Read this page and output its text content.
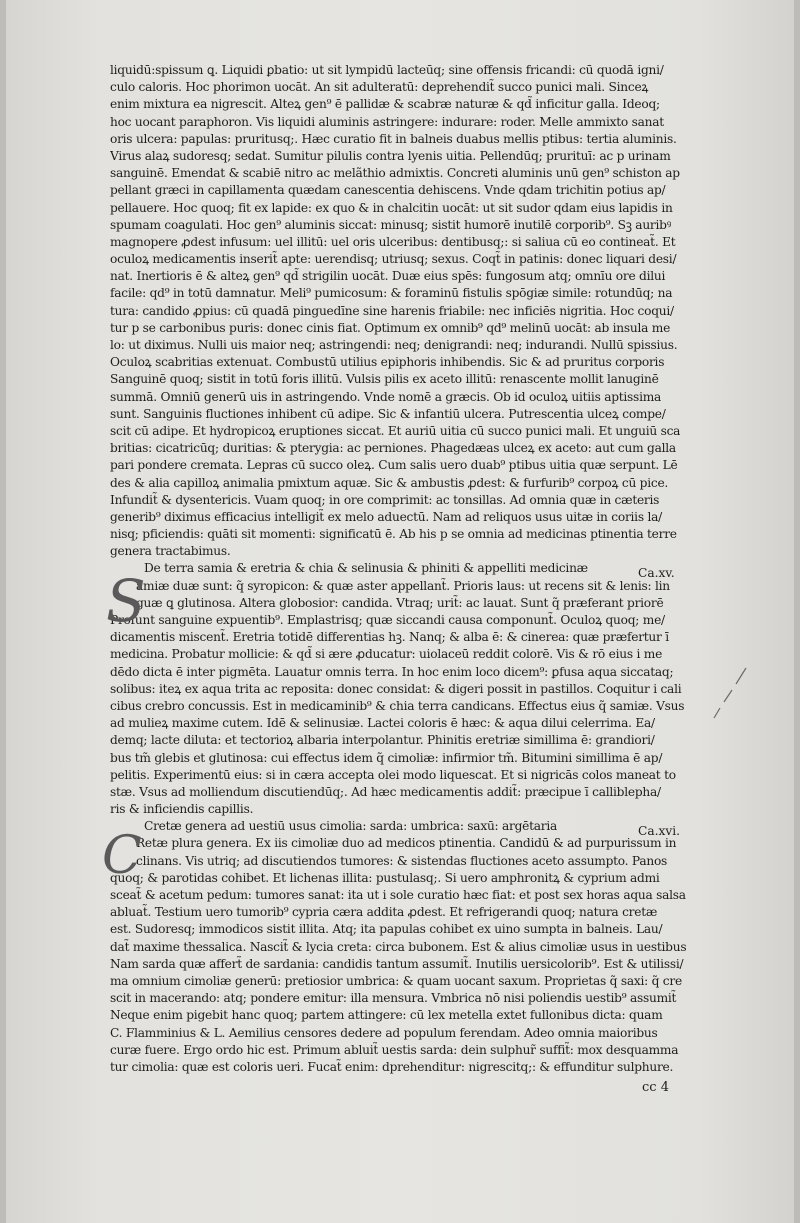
liquidū:spissum ꝗ. Liquidi ꝑbatio: ut sit lympidū lacteūq; sine offensis fricandi: cū quodā igni/
culo caloris. Hoc phorimon uocāt. An sit adulteratū: deprehendit̃ succo punici mali. Sinceꝝ
enim mixtura ea nigrescit. Alteꝝ gen⁹ ē pallidæ & scabræ naturæ & qd̃ inficitur galla. Ideoq;
hoc uocant paraphoron. Vis liquidi aluminis astringere: indurare: roder. Melle ammixto sanat
oris ulcera: papulas: pruritusq;. Hæc curatio fit in balneis duabus mellis ptibus: tertia aluminis.
Virus alaꝝ sudoresq; sedat. Sumitur pilulis contra lyenis uitia. Pellendūq; prurituī: ac p urinam
sanguinē. Emendat & scabiē nitro ac melãthio admixtis. Concreti aluminis unū gen⁹ schiston ap
pellant græci in capillamenta quædam canescentia dehiscens. Vnde qdam trichitin potius ap/
pellauere. Hoc quoq; fit ex lapide: ex quo & in chalcitin uocāt: ut sit sudor qdam eius lapidis in
spumam coagulati. Hoc gen⁹ aluminis siccat: minusq; sistit humorē inutilē corporib⁹. Sꝫ auribꝰ
magnopere ꝓdest infusum: uel illitū: uel oris ulceribus: dentibusq;: si saliua cū eo contineat̃. Et
oculoꝝ medicamentis inserit̃ apte: uerendisq; utriusq; sexus. Coqt̃ in patinis: donec liquari desi/
nat. Inertioris ē & alteꝝ gen⁹ qd̃ strigilin uocāt. Duæ eius spēs: fungosum atq; omnīu ore dilui
facile: qd⁹ in totū damnatur. Meli⁹ pumicosum: & foraminū fistulis spōgiæ simile: rotundūq; na
tura: candido ꝓpius: cū quadā pinguedīne sine harenis friabile: nec inficiēs nigritia. Hoc coqui/
tur p se carbonibus puris: donec cinis fiat. Optimum ex omnib⁹ qd⁹ melinū uocāt: ab insula me
lo: ut diximus. Nulli uis maior neq; astringendi: neq; denigrandi: neq; indurandi. Nullū spissius.
Oculoꝝ scabritias extenuat. Combustū utilius epiphoris inhibendis. Sic & ad pruritus corporis
Sanguinē quoq; sistit in totū foris illitū. Vulsis pilis ex aceto illitū: renascente mollit lanuginē
summā. Omniū generū uis in astringendo. Vnde nomē a græcis. Ob id oculoꝝ uitiis aptissima
sunt. Sanguinis fluctiones inhibent cū adipe. Sic & infantiū ulcera. Putrescentia ulceꝝ compe/
scit cū adipe. Et hydropicoꝝ eruptiones siccat. Et auriū uitia cū succo punici mali. Et unguiū sca
britias: cicatricūq; duritias: & pterygia: ac perniones. Phagedæas ulceꝝ ex aceto: aut cum galla
pari pondere cremata. Lepras cū succo oleꝝ. Cum salis uero duab⁹ ptibus uitia quæ serpunt. Lē
des & alia capilloꝝ animalia pmixtum aquæ. Sic & ambustis ꝓdest: & furfurib⁹ corpoꝝ cū pice.
Infundit̃ & dysentericis. Vuam quoq; in ore comprimit: ac tonsillas. Ad omnia quæ in cæteris
generib⁹ diximus efficacius intelligit̃ ex melo aduectū. Nam ad reliquos usus uitæ in coriis la/
nisq; pficiendis: quāti sit momenti: significatū ē. Ab his p se omnia ad medicinas ptinentia terre
genera tractabimus.
De terra samia & eretria & chia & selinusia & phiniti & appelliti medicinæ
amiæ duæ sunt: q̃ syropicon: & quæ aster appellant̃. Prioris laus: ut recens sit & lenis: lin
guæ ꝗ glutinosa. Altera globosior: candida. Vtraq; urit̃: ac lauat. Sunt q̃ præferant priorē
Profunt sanguine expuentib⁹. Emplastrisq; quæ siccandi causa componunt̃. Oculoꝝ quoq; me/
dicamentis miscent̃. Eretria totidē differentias hꝫ. Nanq; & alba ē: & cinerea: quæ præfertur ī
medicina. Probatur mollicie: & qd̃ si ære ꝓducatur: uiolaceū reddit colorē. Vis & rō eius i me
dēdo dicta ē inter pigmēta. Lauatur omnis terra. In hoc enim loco dicem⁹: ꝑfusa aqua siccataq;
solibus: iteꝝ ex aqua trita ac reposita: donec considat: & digeri possit in pastillos. Coquitur i cali
cibus crebro concussis. Est in medicaminib⁹ & chia terra candicans. Effectus eius q̃ samiæ. Vsus
ad mulieꝝ maxime cutem. Idē & selinusiæ. Lactei coloris ē hæc: & aqua dilui celerrima. Ea/
demq; lacte diluta: et tectorioꝝ albaria interpolantur. Phinitis eretriæ simillima ē: grandiori/
bus tm̃ glebis et glutinosa: cui effectus idem q̃ cimoliæ: infirmior tm̃. Bitumini simillima ē ap/
pelitis. Experimentū eius: si in cæra accepta olei modo liquescat. Et si nigricās colos maneat to
stæ. Vsus ad molliendum discutiendūq;. Ad hæc medicamentis addit̃: præcipue ī calliblepha/
ris & inficiendis capillis.
Cretæ genera ad uestiū usus cimolia: sarda: umbrica: saxū: argētaria
Retæ plura genera. Ex iis cimoliæ duo ad medicos ptinentia. Candidū & ad purpurissum in
clinans. Vis utriq; ad discutiendos tumores: & sistendas fluctiones aceto assumpto. Panos
quoq; & parotidas cohibet. Et lichenas illita: pustulasq;. Si uero amphronitꝝ & cyprium admi
sceat̃ & acetum pedum: tumores sanat: ita ut i sole curatio hæc fiat: et post sex horas aqua salsa
abluat̃. Testium uero tumorib⁹ cypria cæra addita ꝓdest. Et refrigerandi quoq; natura cretæ
est. Sudoresq; immodicos sistit illita. Atq; ita papulas cohibet ex uino sumpta in balneis. Lau/
dat̃ maxime thessalica. Nascit̃ & lycia creta: circa bubonem. Est & alius cimoliæ usus in uestibus
Nam sarda quæ affert̃ de sardania: candidis tantum assumit̃. Inutilis uersicolorib⁹. Est & utilissi/
ma omnium cimoliæ generū: pretiosior umbrica: & quam uocant saxum. Proprietas q̃ saxi: q̃ cre
scit in macerando: atq; pondere emitur: illa mensura. Vmbrica nō nisi poliendis uestib⁹ assumit̃
Neque enim pigebit hanc quoq; partem attingere: cū lex metella extet fullonibus dicta: quam
C. Flamminius & L. Aemilius censores dedere ad populum ferendam. Adeo omnia maioribus
curæ fuere. Ergo ordo hic est. Primum abluit̃ uestis sarda: dein sulphur̃ suffit̃: mox desquamma
tur cimolia: quæ est coloris ueri. Fucat̃ enim: dprehenditur: nigrescitq;: & effunditur sulphure.
Ca.xv.
Ca.xvi.
S
C
cc 4
